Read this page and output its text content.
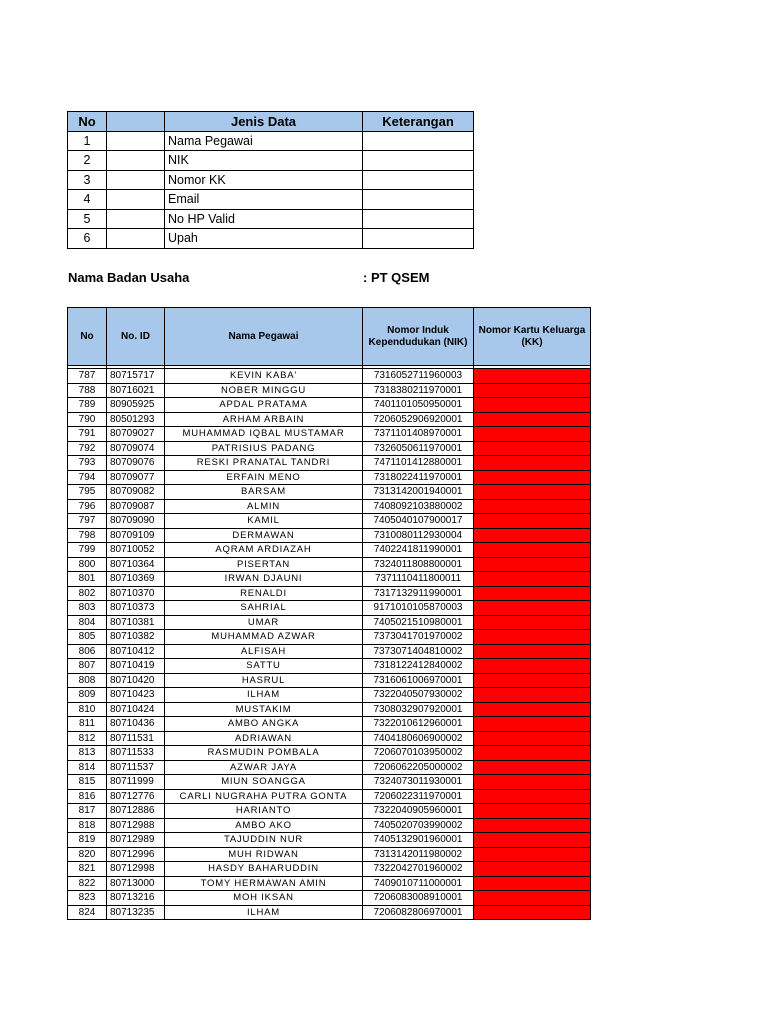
No		Jenis Data	Keterangan
1		Nama Pegawai	
2		NIK	
3		Nomor KK	
4		Email	
5		No HP Valid	
6		Upah	
Nama Badan Usaha	: PT QSEM
No	No. ID	Nama Pegawai	Nomor Induk Kependudukan (NIK)	Nomor Kartu Keluarga (KK)

787	80715717	KEVIN KABA'	7316052711960003	
788	80716021	NOBER MINGGU	7318380211970001	
789	80905925	APDAL PRATAMA	7401101050950001	
790	80501293	ARHAM ARBAIN	7206052906920001	
791	80709027	MUHAMMAD IQBAL MUSTAMAR	7371101408970001	
792	80709074	PATRISIUS PADANG	7326050611970001	
793	80709076	RESKI PRANATAL TANDRI	7471101412880001	
794	80709077	ERFAIN MENO	7318022411970001	
795	80709082	BARSAM	7313142001940001	
796	80709087	ALMIN	7408092103880002	
797	80709090	KAMIL	7405040107900017	
798	80709109	DERMAWAN	7310080112930004	
799	80710052	AQRAM ARDIAZAH	7402241811990001	
800	80710364	PISERTAN	7324011808800001	
801	80710369	IRWAN DJAUNI	7371110411800011	
802	80710370	RENALDI	7317132911990001	
803	80710373	SAHRIAL	9171010105870003	
804	80710381	UMAR	7405021510980001	
805	80710382	MUHAMMAD AZWAR	7373041701970002	
806	80710412	ALFISAH	7373071404810002	
807	80710419	SATTU	7318122412840002	
808	80710420	HASRUL	7316061006970001	
809	80710423	ILHAM	7322040507930002	
810	80710424	MUSTAKIM	7308032907920001	
811	80710436	AMBO ANGKA	7322010612960001	
812	80711531	ADRIAWAN	7404180606900002	
813	80711533	RASMUDIN POMBALA	7206070103950002	
814	80711537	AZWAR JAYA	7206062205000002	
815	80711999	MIUN SOANGGA	7324073011930001	
816	80712776	CARLI NUGRAHA PUTRA GONTA	7206022311970001	
817	80712886	HARIANTO	7322040905960001	
818	80712988	AMBO AKO	7405020703990002	
819	80712989	TAJUDDIN NUR	7405132901960001	
820	80712996	MUH RIDWAN	7313142011980002	
821	80712998	HASDY BAHARUDDIN	7322042701960002	
822	80713000	TOMY HERMAWAN AMIN	7409010711000001	
823	80713216	MOH IKSAN	7206083008910001	
824	80713235	ILHAM	7206082806970001	
